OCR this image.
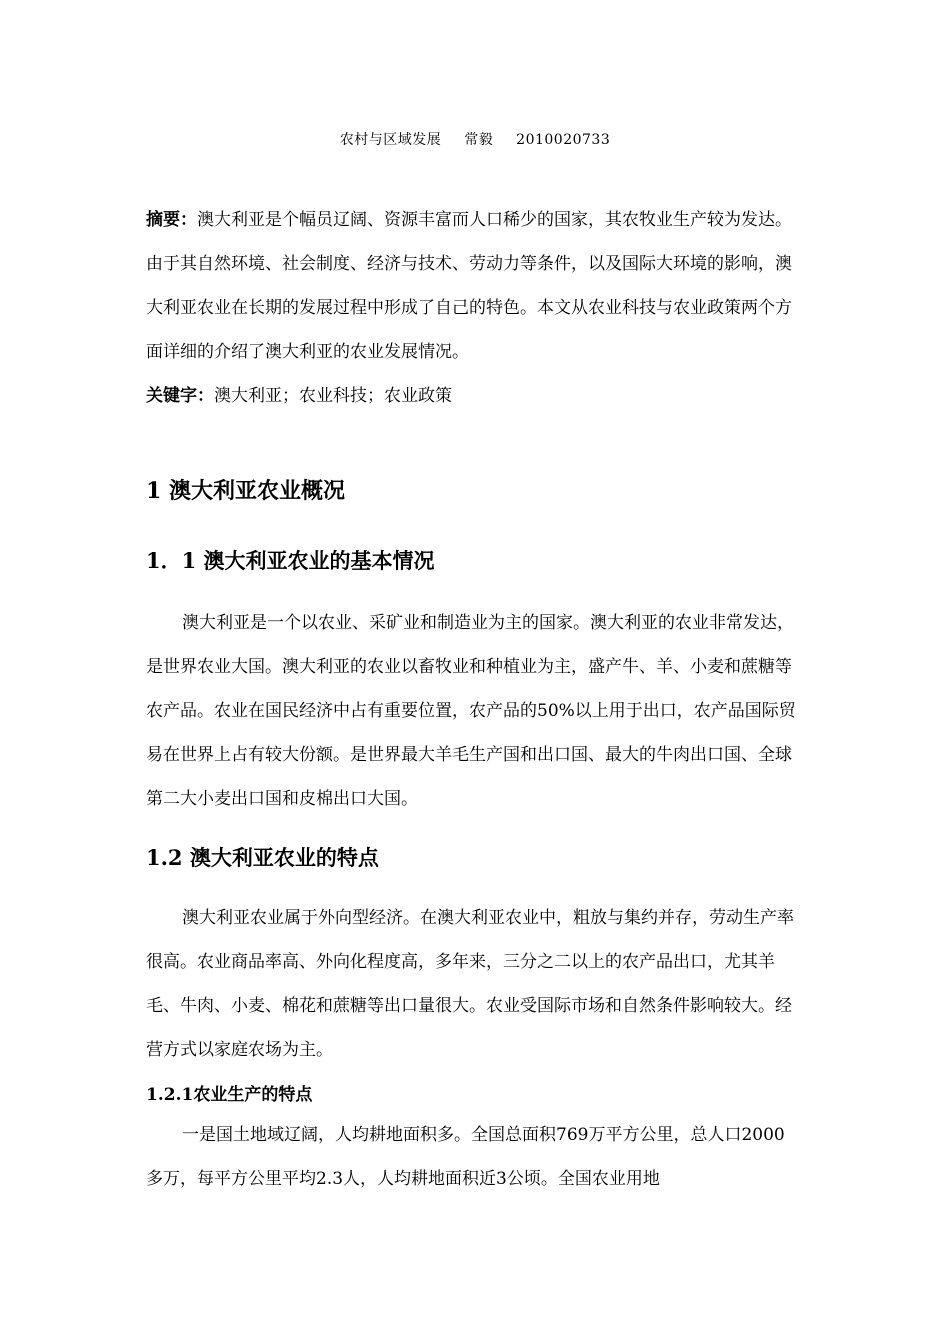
农村与区域发展 常毅 2010020733

摘要：澳大利亚是个幅员辽阔、资源丰富而人口稀少的国家，其农牧业生产较为发达。由于其自然环境、社会制度、经济与技术、劳动力等条件，以及国际大环境的影响，澳大利亚农业在长期的发展过程中形成了自己的特色。本文从农业科技与农业政策两个方面详细的介绍了澳大利亚的农业发展情况。

关键字：澳大利亚；农业科技；农业政策
1 澳大利亚农业概况
1．1 澳大利亚农业的基本情况

澳大利亚是一个以农业、采矿业和制造业为主的国家。澳大利亚的农业非常发达，是世界农业大国。澳大利亚的农业以畜牧业和种植业为主，盛产牛、羊、小麦和蔗糖等农产品。农业在国民经济中占有重要位置，农产品的50%以上用于出口，农产品国际贸易在世界上占有较大份额。是世界最大羊毛生产国和出口国、最大的牛肉出口国、全球第二大小麦出口国和皮棉出口大国。

1.2 澳大利亚农业的特点

澳大利亚农业属于外向型经济。在澳大利亚农业中，粗放与集约并存，劳动生产率很高。农业商品率高、外向化程度高，多年来，三分之二以上的农产品出口，尤其羊毛、牛肉、小麦、棉花和蔗糖等出口量很大。农业受国际市场和自然条件影响较大。经营方式以家庭农场为主。

1.2.1农业生产的特点

一是国土地域辽阔，人均耕地面积多。全国总面积769万平方公里，总人口2000多万，每平方公里平均2.3人，人均耕地面积近3公顷。全国农业用地
